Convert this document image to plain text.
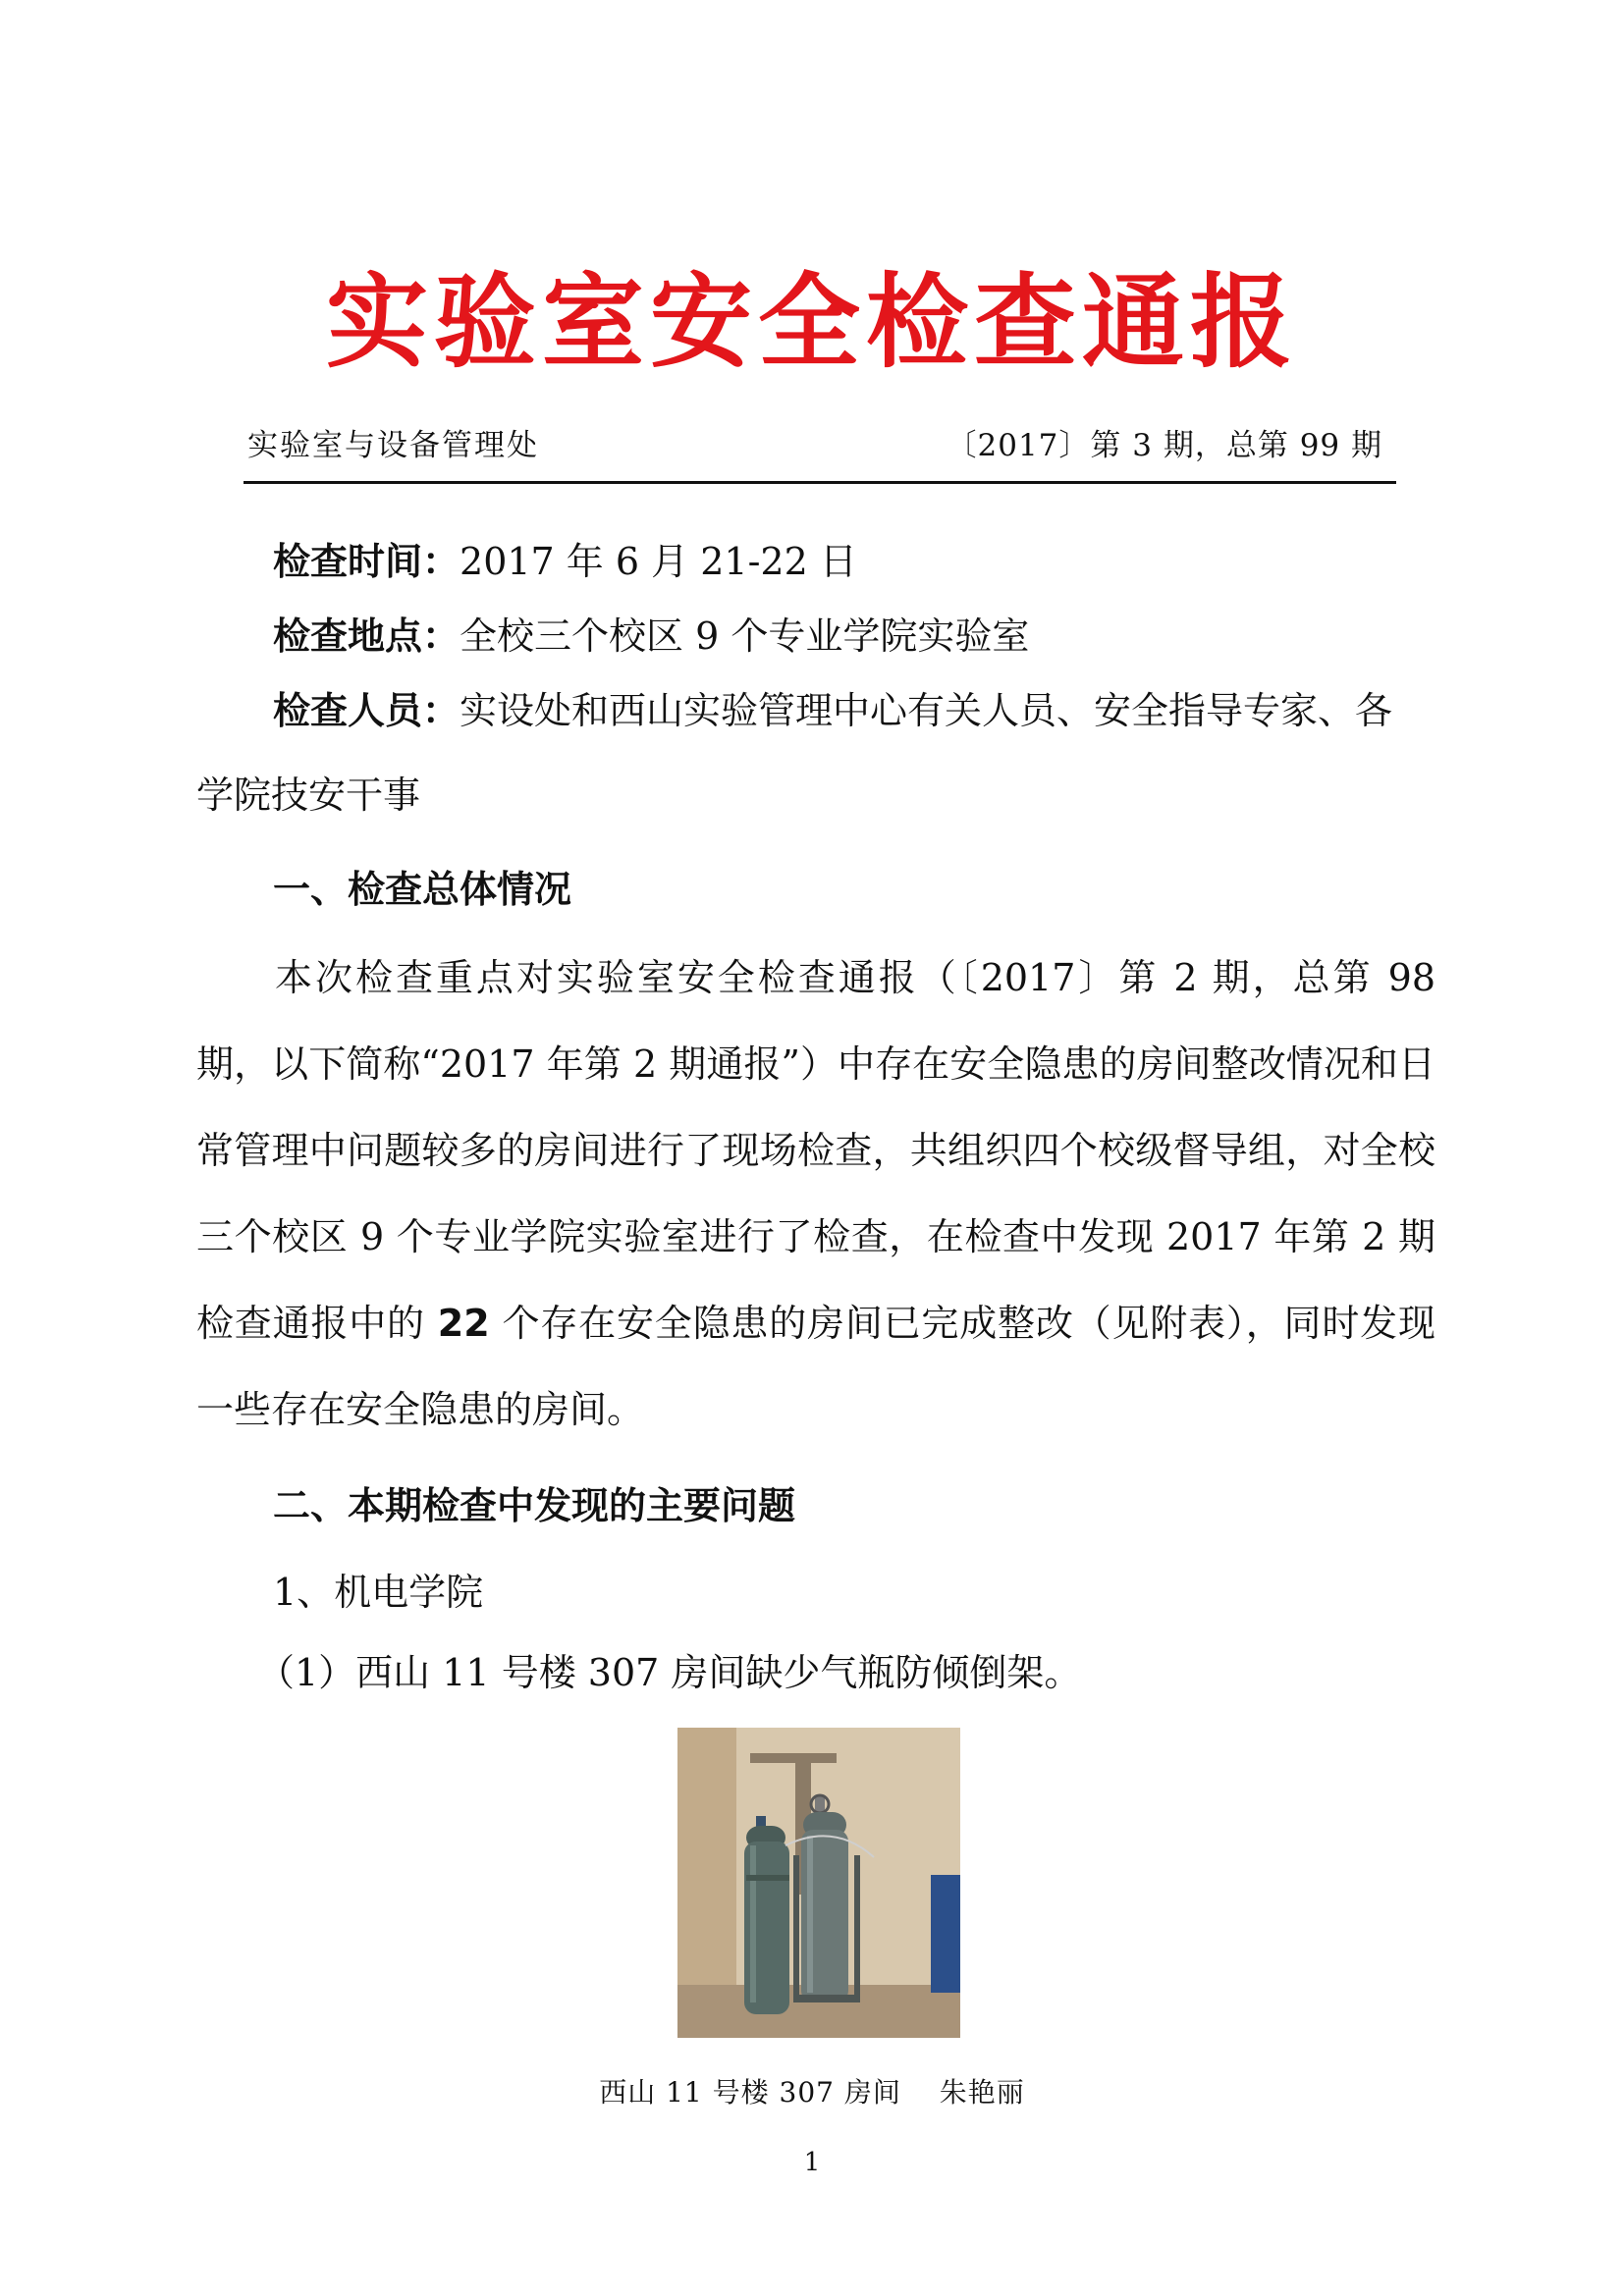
实验室安全检查通报
实验室与设备管理处	〔2017〕第 3 期，总第 99 期
检查时间：2017 年 6 月 21-22 日
检查地点：全校三个校区 9 个专业学院实验室
检查人员：实设处和西山实验管理中心有关人员、安全指导专家、各
学院技安干事
一、检查总体情况
本次检查重点对实验室安全检查通报（〔2017〕第 2 期，总第 98 期，以下简称“2017 年第 2 期通报”）中存在安全隐患的房间整改情况和日常管理中问题较多的房间进行了现场检查，共组织四个校级督导组，对全校三个校区 9 个专业学院实验室进行了检查，在检查中发现 2017 年第 2 期检查通报中的 22 个存在安全隐患的房间已完成整改（见附表），同时发现一些存在安全隐患的房间。
二、本期检查中发现的主要问题
1、机电学院
（1）西山 11 号楼 307 房间缺少气瓶防倾倒架。
西山 11 号楼 307 房间　 朱艳丽
1
